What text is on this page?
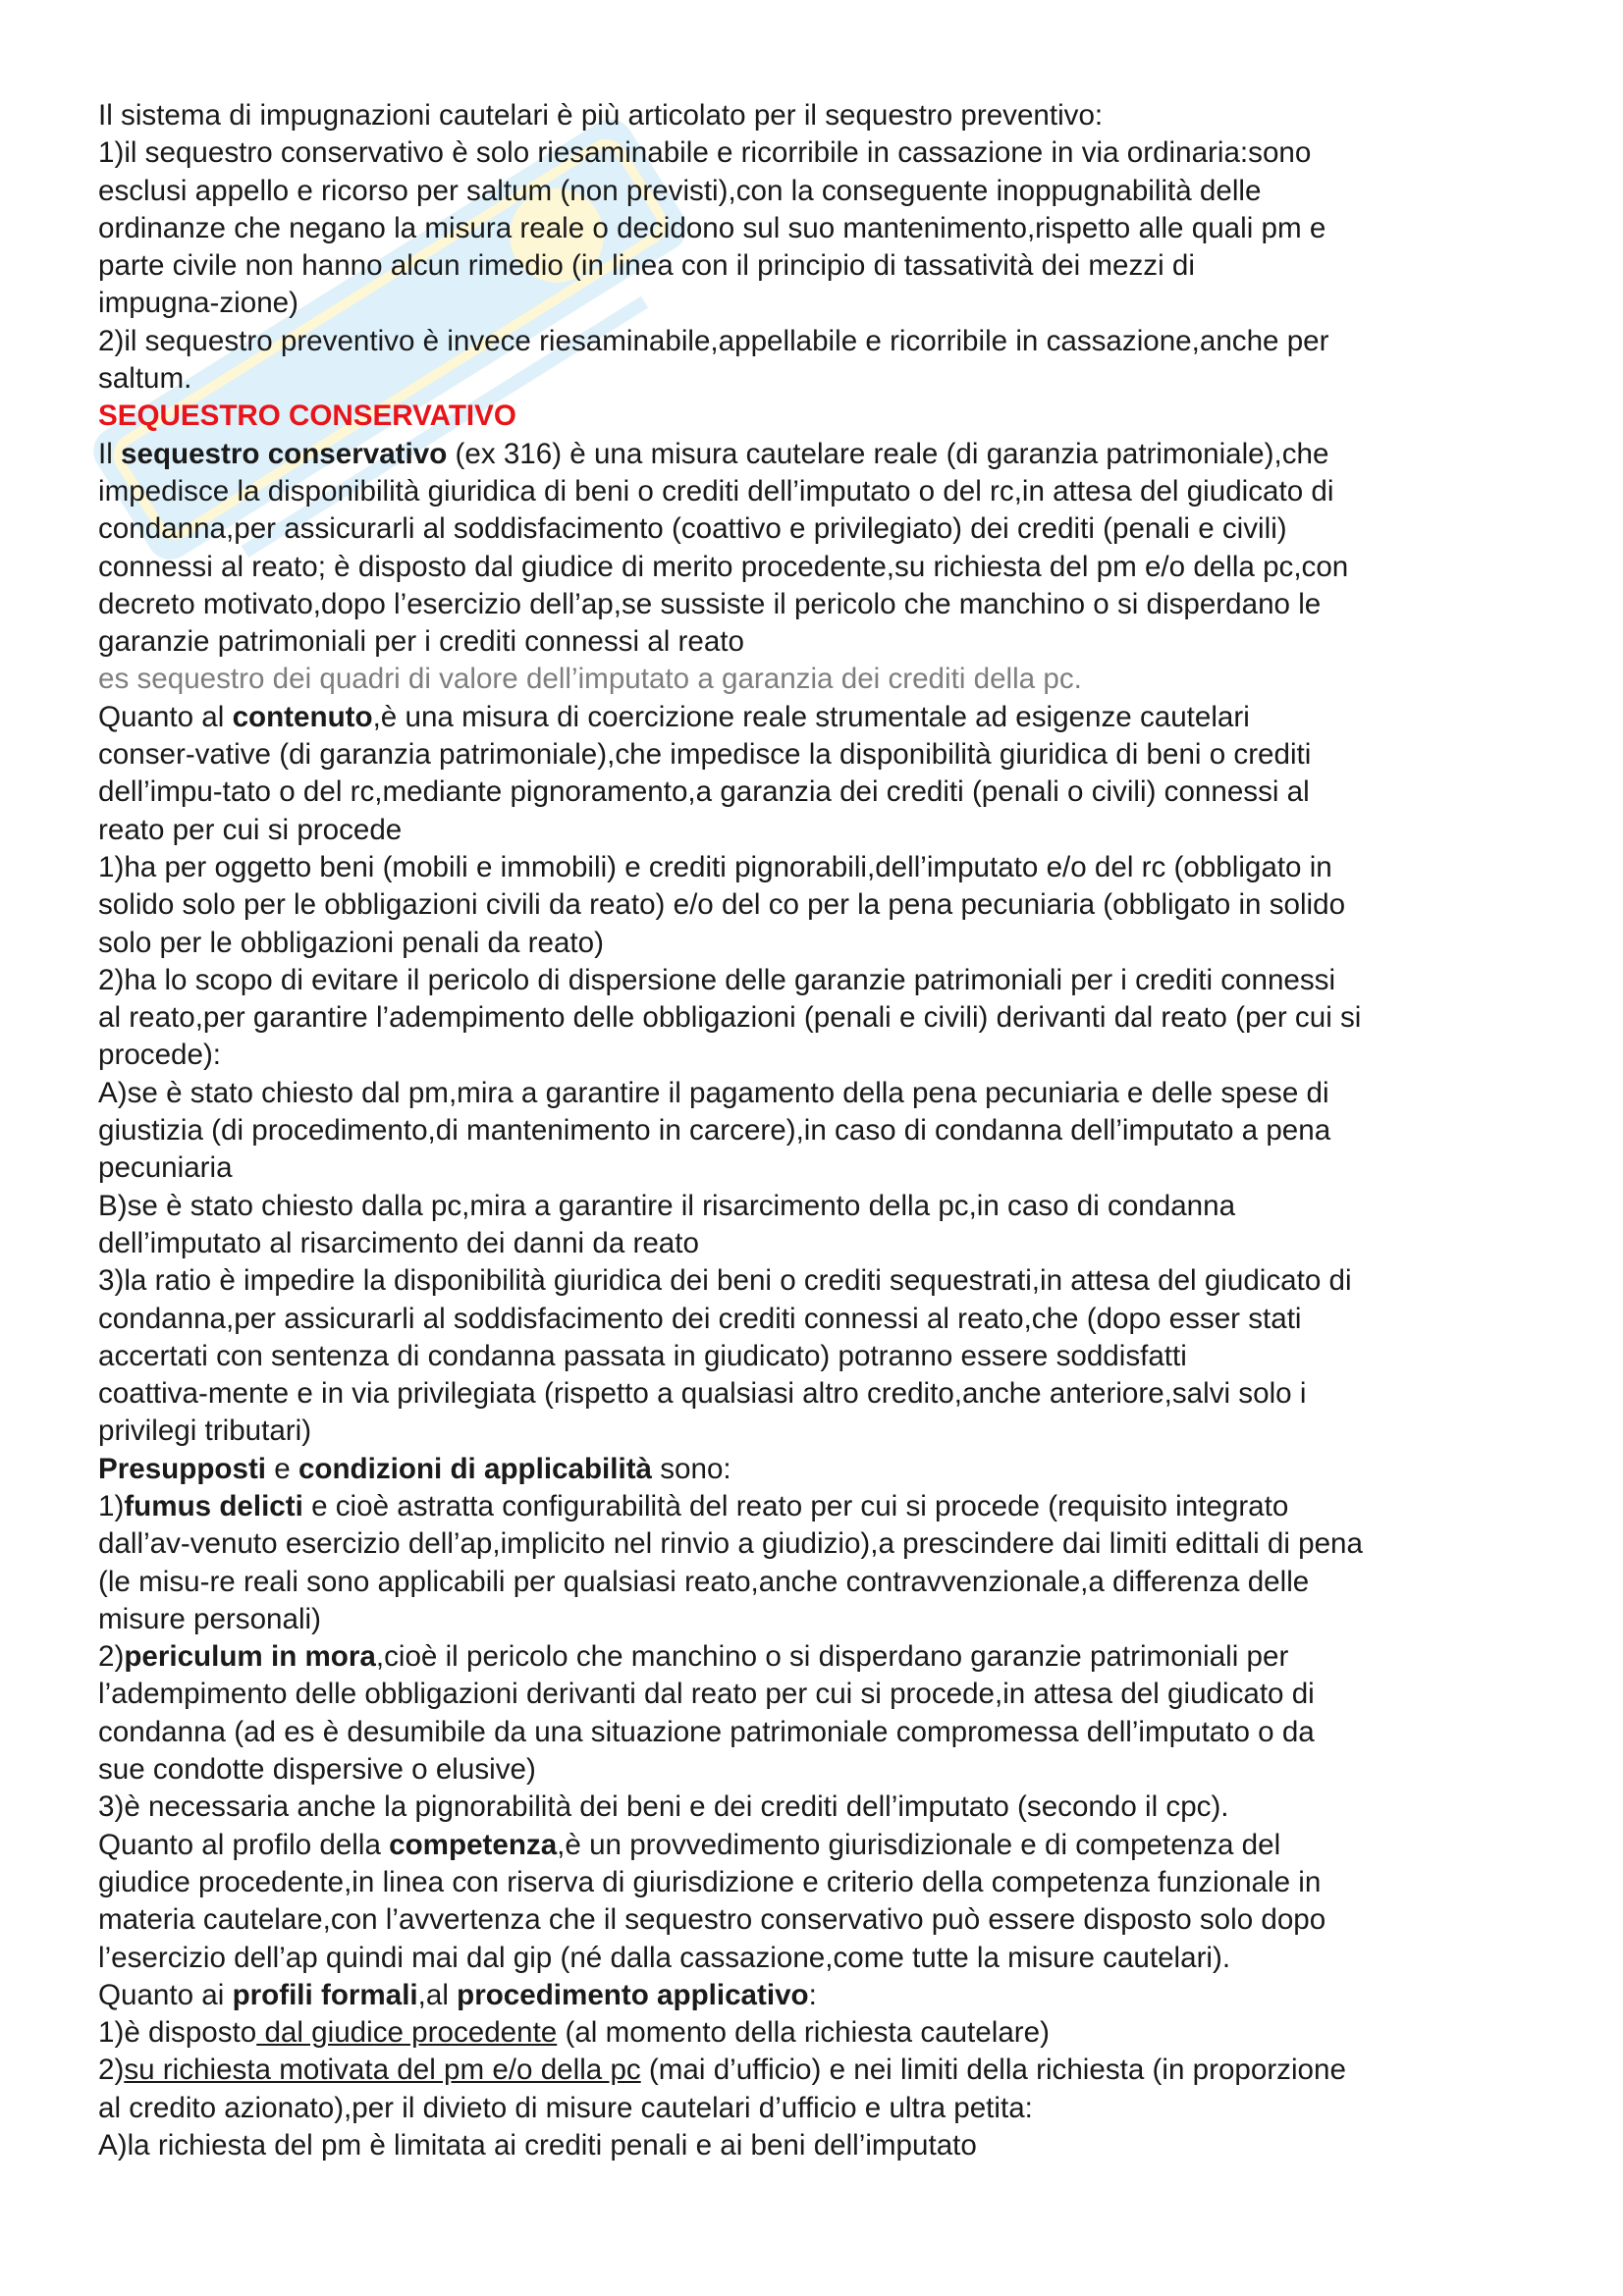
Il sistema di impugnazioni cautelari è più articolato per il sequestro preventivo:

1)il sequestro conservativo è solo riesaminabile e ricorribile in cassazione in via ordinaria:sono

esclusi appello e ricorso per saltum (non previsti),con la conseguente inoppugnabilità delle

ordinanze che negano la misura reale o decidono sul suo mantenimento,rispetto alle quali pm e

parte civile non hanno alcun rimedio (in linea con il principio di tassatività dei mezzi di

impugna-zione)

2)il sequestro preventivo è invece riesaminabile,appellabile e ricorribile in cassazione,anche per

saltum.

SEQUESTRO CONSERVATIVO

Il sequestro conservativo (ex 316) è una misura cautelare reale (di garanzia patrimoniale),che

impedisce la disponibilità giuridica di beni o crediti dell’imputato o del rc,in attesa del giudicato di

condanna,per assicurarli al soddisfacimento (coattivo e privilegiato) dei crediti (penali e civili)

connessi al reato; è disposto dal giudice di merito procedente,su richiesta del pm e/o della pc,con

decreto motivato,dopo l’esercizio dell’ap,se sussiste il pericolo che manchino o si disperdano le

garanzie patrimoniali per i crediti connessi al reato

es sequestro dei quadri di valore dell’imputato a garanzia dei crediti della pc.

Quanto al contenuto,è una misura di coercizione reale strumentale ad esigenze cautelari

conser-vative (di garanzia patrimoniale),che impedisce la disponibilità giuridica di beni o crediti

dell’impu-tato o del rc,mediante pignoramento,a garanzia dei crediti (penali o civili) connessi al

reato per cui si procede

1)ha per oggetto beni (mobili e immobili) e crediti pignorabili,dell’imputato e/o del rc (obbligato in

solido solo per le obbligazioni civili da reato) e/o del co per la pena pecuniaria (obbligato in solido

solo per le obbligazioni penali da reato)

2)ha lo scopo di evitare il pericolo di dispersione delle garanzie patrimoniali per i crediti connessi

al reato,per garantire l’adempimento delle obbligazioni (penali e civili) derivanti dal reato (per cui si

procede):

A)se è stato chiesto dal pm,mira a garantire il pagamento della pena pecuniaria e delle spese di

giustizia (di procedimento,di mantenimento in carcere),in caso di condanna dell’imputato a pena

pecuniaria

B)se è stato chiesto dalla pc,mira a garantire il risarcimento della pc,in caso di condanna

dell’imputato al risarcimento dei danni da reato

3)la ratio è impedire la disponibilità giuridica dei beni o crediti sequestrati,in attesa del giudicato di

condanna,per assicurarli al soddisfacimento dei crediti connessi al reato,che (dopo esser stati

accertati con sentenza di condanna passata in giudicato) potranno essere soddisfatti

coattiva-mente e in via privilegiata (rispetto a qualsiasi altro credito,anche anteriore,salvi solo i

privilegi tributari)

Presupposti e condizioni di applicabilità sono:

1)fumus delicti e cioè astratta configurabilità del reato per cui si procede (requisito integrato

dall’av-venuto esercizio dell’ap,implicito nel rinvio a giudizio),a prescindere dai limiti edittali di pena

(le misu-re reali sono applicabili per qualsiasi reato,anche contravvenzionale,a differenza delle

misure personali)

2)periculum in mora,cioè il pericolo che manchino o si disperdano garanzie patrimoniali per

l’adempimento delle obbligazioni derivanti dal reato per cui si procede,in attesa del giudicato di

condanna (ad es è desumibile da una situazione patrimoniale compromessa dell’imputato o da

sue condotte dispersive o elusive)

3)è necessaria anche la pignorabilità dei beni e dei crediti dell’imputato (secondo il cpc).

Quanto al profilo della competenza,è un provvedimento giurisdizionale e di competenza del

giudice procedente,in linea con riserva di giurisdizione e criterio della competenza funzionale in

materia cautelare,con l’avvertenza che il sequestro conservativo può essere disposto solo dopo

l’esercizio dell’ap quindi mai dal gip (né dalla cassazione,come tutte la misure cautelari).

Quanto ai profili formali,al procedimento applicativo:

1)è disposto dal giudice procedente (al momento della richiesta cautelare)

2)su richiesta motivata del pm e/o della pc (mai d’ufficio) e nei limiti della richiesta (in proporzione

al credito azionato),per il divieto di misure cautelari d’ufficio e ultra petita:

A)la richiesta del pm è limitata ai crediti penali e ai beni dell’imputato
